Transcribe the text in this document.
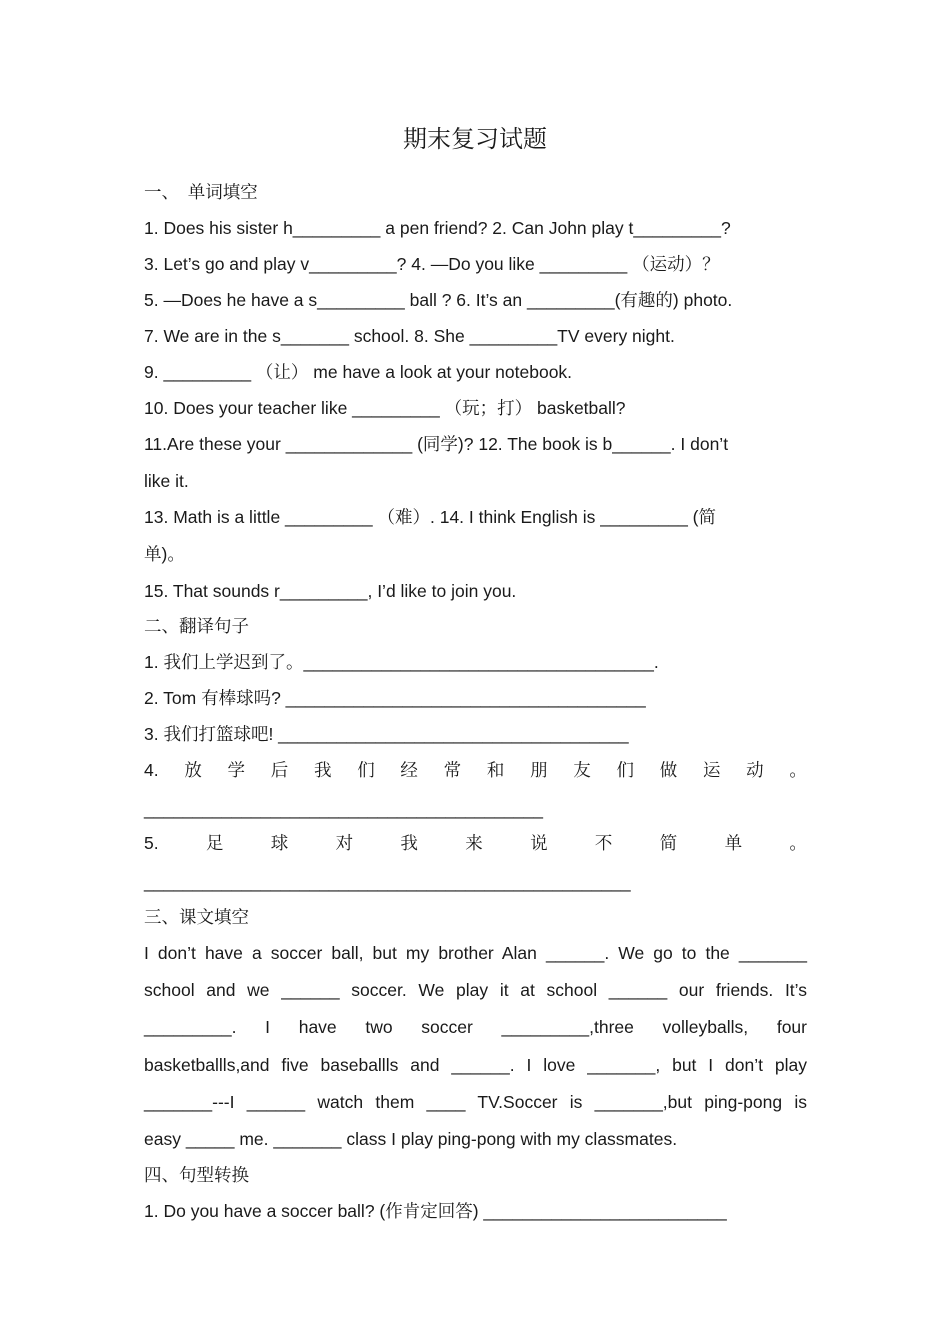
期末复习试题
一、　单词填空
1. Does his sister h_________ a pen friend? 2. Can John play t_________?
3. Let’s go and play v_________? 4. —Do you like _________ （运动）？
5. —Does he have a s_________ ball ? 6. It’s an _________(有趣的) photo.
7. We are in the s_______ school. 8. She _________TV every night.
9. _________ （让） me have a look at your notebook.
10. Does your teacher like _________ （玩；打） basketball?
11.Are these your _____________ (同学)? 12. The book is b______. I don’t
like it.
13. Math is a little _________ （难）. 14. I think English is _________ (简
单)。
15. That sounds r_________, I’d like to join you.
二、翻译句子
1. 我们上学迟到了。____________________________________.
2. Tom 有棒球吗? _____________________________________
3. 我们打篮球吧! ____________________________________
4. 放 学 后 我 们 经 常 和 朋 友 们 做 运 动 。
_________________________________________
5.	足	球	对	我	来	说	不	简	单	。
__________________________________________________
三、课文填空
I don’t have a soccer ball, but my brother Alan ______. We go to the _______
school and we ______ soccer. We play it at school ______ our friends. It’s
_________. I have two soccer _________,three volleyballs, four
basketballls,and five baseballls and ______. I love _______, but I don’t play
_______---I ______ watch them ____ TV.Soccer is _______,but ping-pong is
easy _____ me. _______ class I play ping-pong with my classmates.
四、句型转换
1. Do you have a soccer ball? (作肯定回答) _________________________
